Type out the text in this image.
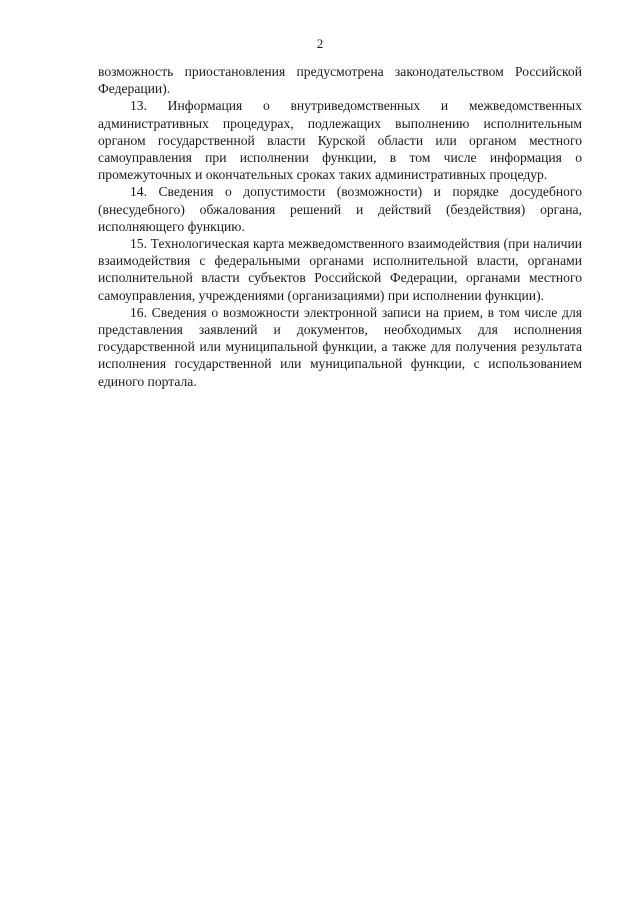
2

возможность приостановления предусмотрена законодательством Российской Федерации).

13. Информация о внутриведомственных и межведомственных административных процедурах, подлежащих выполнению исполнительным органом государственной власти Курской области или органом местного самоуправления при исполнении функции, в том числе информация о промежуточных и окончательных сроках таких административных процедур.

14. Сведения о допустимости (возможности) и порядке досудебного (внесудебного) обжалования решений и действий (бездействия) органа, исполняющего функцию.

15. Технологическая карта межведомственного взаимодействия (при наличии взаимодействия с федеральными органами исполнительной власти, органами исполнительной власти субъектов Российской Федерации, органами местного самоуправления, учреждениями (организациями) при исполнении функции).

16. Сведения о возможности электронной записи на прием, в том числе для представления заявлений и документов, необходимых для исполнения государственной или муниципальной функции, а также для получения результата исполнения государственной или муниципальной функции, с использованием единого портала.
